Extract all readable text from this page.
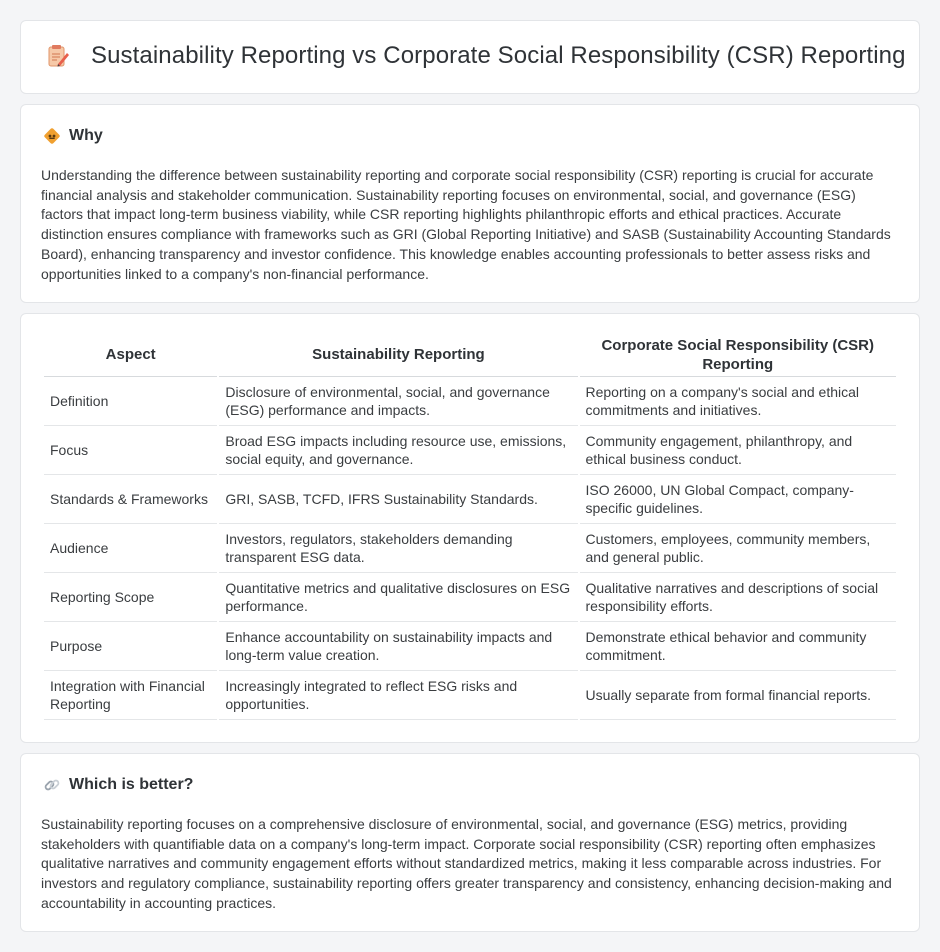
Sustainability Reporting vs Corporate Social Responsibility (CSR) Reporting
Why

Understanding the difference between sustainability reporting and corporate social responsibility (CSR) reporting is crucial for accurate financial analysis and stakeholder communication. Sustainability reporting focuses on environmental, social, and governance (ESG) factors that impact long-term business viability, while CSR reporting highlights philanthropic efforts and ethical practices. Accurate distinction ensures compliance with frameworks such as GRI (Global Reporting Initiative) and SASB (Sustainability Accounting Standards Board), enhancing transparency and investor confidence. This knowledge enables accounting professionals to better assess risks and opportunities linked to a company's non-financial performance.

Aspect	Sustainability Reporting	Corporate Social Responsibility (CSR) Reporting
Definition	Disclosure of environmental, social, and governance (ESG) performance and impacts.	Reporting on a company's social and ethical commitments and initiatives.
Focus	Broad ESG impacts including resource use, emissions, social equity, and governance.	Community engagement, philanthropy, and ethical business conduct.
Standards & Frameworks	GRI, SASB, TCFD, IFRS Sustainability Standards.	ISO 26000, UN Global Compact, company-specific guidelines.
Audience	Investors, regulators, stakeholders demanding transparent ESG data.	Customers, employees, community members, and general public.
Reporting Scope	Quantitative metrics and qualitative disclosures on ESG performance.	Qualitative narratives and descriptions of social responsibility efforts.
Purpose	Enhance accountability on sustainability impacts and long-term value creation.	Demonstrate ethical behavior and community commitment.
Integration with Financial Reporting	Increasingly integrated to reflect ESG risks and opportunities.	Usually separate from formal financial reports.
Which is better?

Sustainability reporting focuses on a comprehensive disclosure of environmental, social, and governance (ESG) metrics, providing stakeholders with quantifiable data on a company's long-term impact. Corporate social responsibility (CSR) reporting often emphasizes qualitative narratives and community engagement efforts without standardized metrics, making it less comparable across industries. For investors and regulatory compliance, sustainability reporting offers greater transparency and consistency, enhancing decision-making and accountability in accounting practices.
